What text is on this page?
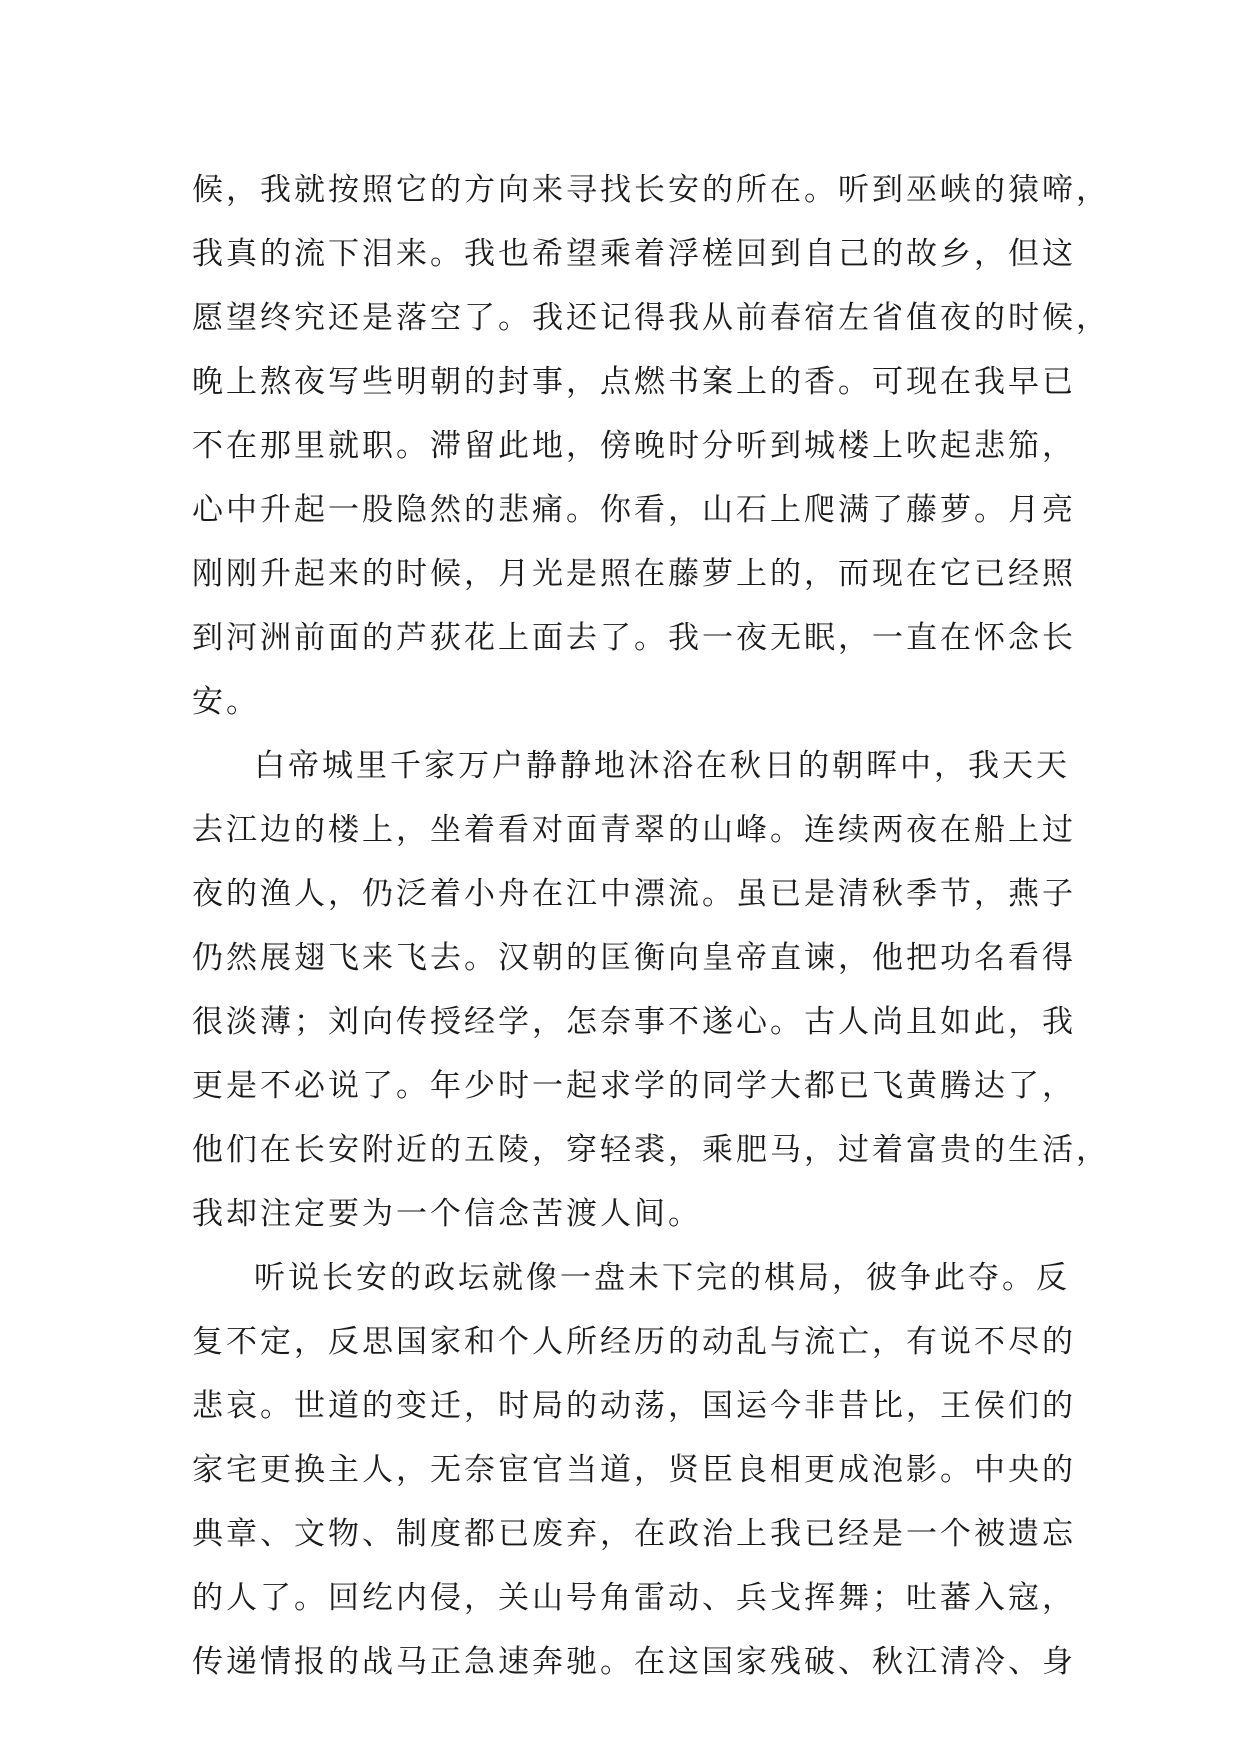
候，我就按照它的方向来寻找长安的所在。听到巫峡的猿啼，
我真的流下泪来。我也希望乘着浮槎回到自己的故乡，但这
愿望终究还是落空了。我还记得我从前春宿左省值夜的时候，
晚上熬夜写些明朝的封事，点燃书案上的香。可现在我早已
不在那里就职。滞留此地，傍晚时分听到城楼上吹起悲笳，
心中升起一股隐然的悲痛。你看，山石上爬满了藤萝。月亮
刚刚升起来的时候，月光是照在藤萝上的，而现在它已经照
到河洲前面的芦荻花上面去了。我一夜无眠，一直在怀念长
安。
白帝城里千家万户静静地沐浴在秋日的朝晖中，我天天
去江边的楼上，坐着看对面青翠的山峰。连续两夜在船上过
夜的渔人，仍泛着小舟在江中漂流。虽已是清秋季节，燕子
仍然展翅飞来飞去。汉朝的匡衡向皇帝直谏，他把功名看得
很淡薄；刘向传授经学，怎奈事不遂心。古人尚且如此，我
更是不必说了。年少时一起求学的同学大都已飞黄腾达了，
他们在长安附近的五陵，穿轻裘，乘肥马，过着富贵的生活，
我却注定要为一个信念苦渡人间。
听说长安的政坛就像一盘未下完的棋局，彼争此夺。反
复不定，反思国家和个人所经历的动乱与流亡，有说不尽的
悲哀。世道的变迁，时局的动荡，国运今非昔比，王侯们的
家宅更换主人，无奈宦官当道，贤臣良相更成泡影。中央的
典章、文物、制度都已废弃，在政治上我已经是一个被遗忘
的人了。回纥内侵，关山号角雷动、兵戈挥舞；吐蕃入寇，
传递情报的战马正急速奔驰。在这国家残破、秋江清冷、身
